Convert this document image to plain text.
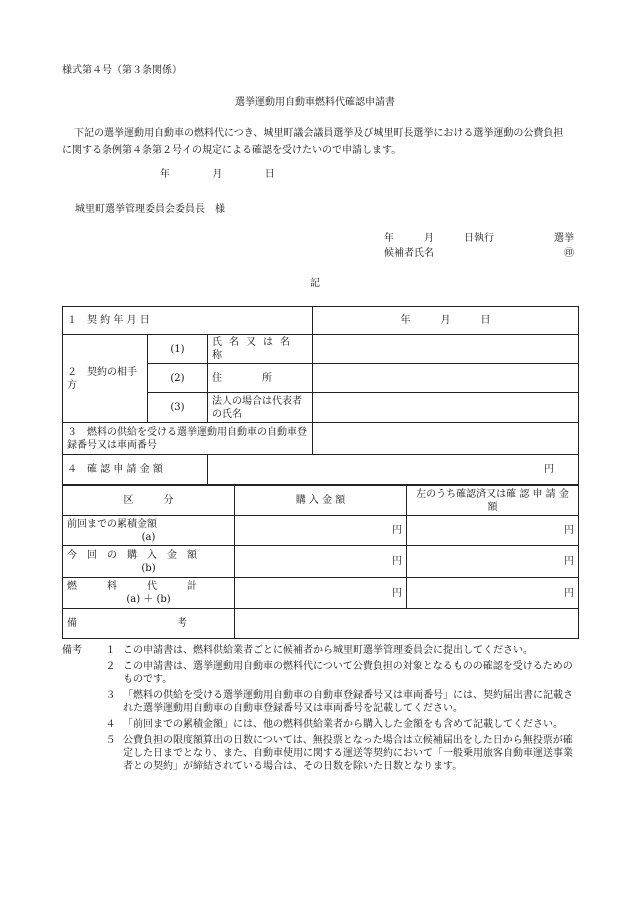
様式第４号（第３条関係）
選挙運動用自動車燃料代確認申請書
下記の選挙運動用自動車の燃料代につき、城里町議会議員選挙及び城里町長選挙における選挙運動の公費負担に関する条例第４条第２号イの規定による確認を受けたいので申請します。
年	月	日
城里町選挙管理委員会委員長　様
年	月	日執行	選挙
候補者氏名	㊞
記
１　契 約 年 月 日			年 月 日
２　契約の相手方	(1)	氏名又は名称	
	(2)	住　　　　所	
	(3)	法人の場合は代表者の氏名	
３　燃料の供給を受ける選挙運動用自動車の自動車登録番号又は車両番号			
４　確 認 申 請 金 額		円	
区　　　分	購 入 金 額	左のうち確認済又は確 認 申 請 金 額

前回までの累積金額
(a)	円	円

今　回　の　購　入　金　額
(b)	円	円

燃　　　料　　　代　　　計
(a) ＋ (b)	円	円
備　　　　　　　　　　考		
備考	１ この申請書は、燃料供給業者ごとに候補者から城里町選挙管理委員会に提出してください。
２ この申請書は、選挙運動用自動車の燃料代について公費負担の対象となるものの確認を受けるためのものです。
３ 「燃料の供給を受ける選挙運動用自動車の自動車登録番号又は車両番号」には、契約届出書に記載された選挙運動用自動車の自動車登録番号又は車両番号を記載してください。
４ 「前回までの累積金額」には、他の燃料供給業者から購入した金額をも含めて記載してください。
５ 公費負担の限度額算出の日数については、無投票となった場合は立候補届出をした日から無投票が確定した日までとなり、また、自動車使用に関する運送等契約において「一般乗用旅客自動車運送事業者との契約」が締結されている場合は、その日数を除いた日数となります。
